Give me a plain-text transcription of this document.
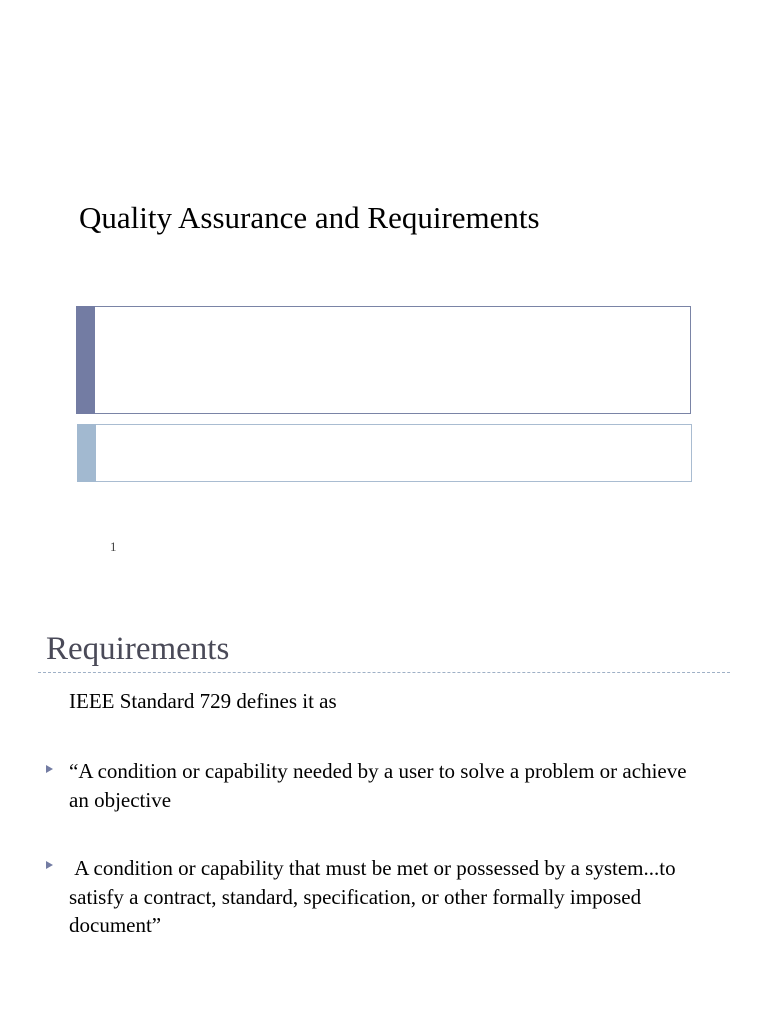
Quality Assurance and Requirements
1
Requirements
IEEE Standard 729 defines it as
“A condition or capability needed by a user to solve a problem or achieve an objective
A condition or capability that must be met or possessed by a system...to satisfy a contract, standard, specification, or other formally imposed document”
